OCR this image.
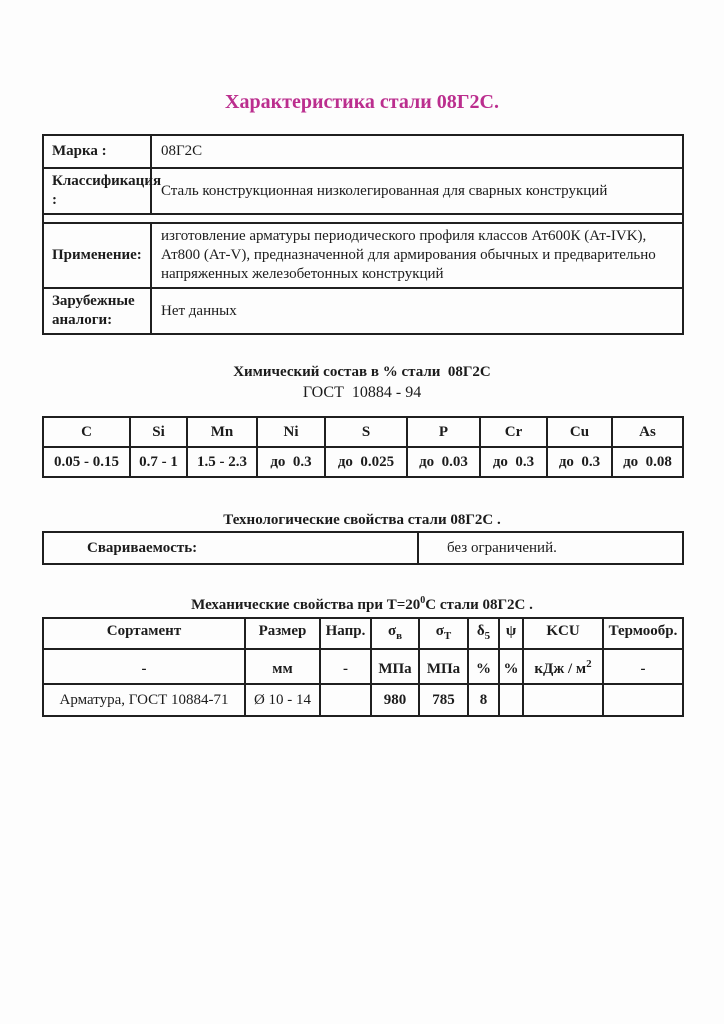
Характеристика стали 08Г2С.
Марка :	08Г2С
Классификация :	Сталь конструкционная низколегированная для сварных конструкций

Применение:	изготовление арматуры периодического профиля классов Ат600К (Ат-IVK), Ат800 (Ат-V), предназначенной для армирования обычных и предварительно напряженных железобетонных конструкций
Зарубежные аналоги:	Нет данных
Химический состав в % стали  08Г2С
ГОСТ  10884 - 94
C	Si	Mn	Ni	S	P	Cr	Cu	As
0.05 - 0.15	0.7 - 1	1.5 - 2.3	до  0.3	до  0.025	до  0.03	до  0.3	до  0.3	до  0.08
Технологические свойства стали 08Г2С .
Свариваемость:	без ограничений.
Механические свойства при $Т=20^0С$ стали 08Г2С .
Сортамент	Размер	Напр.	$\sigma_в$	$\sigma_Т$	$\delta_5$	ψ	KCU	Термообр.
-	мм	-	МПа	МПа	%	%	кДж / $м^2$	-
Арматура, ГОСТ 10884-71	Ø 10 - 14		980	785	8			
